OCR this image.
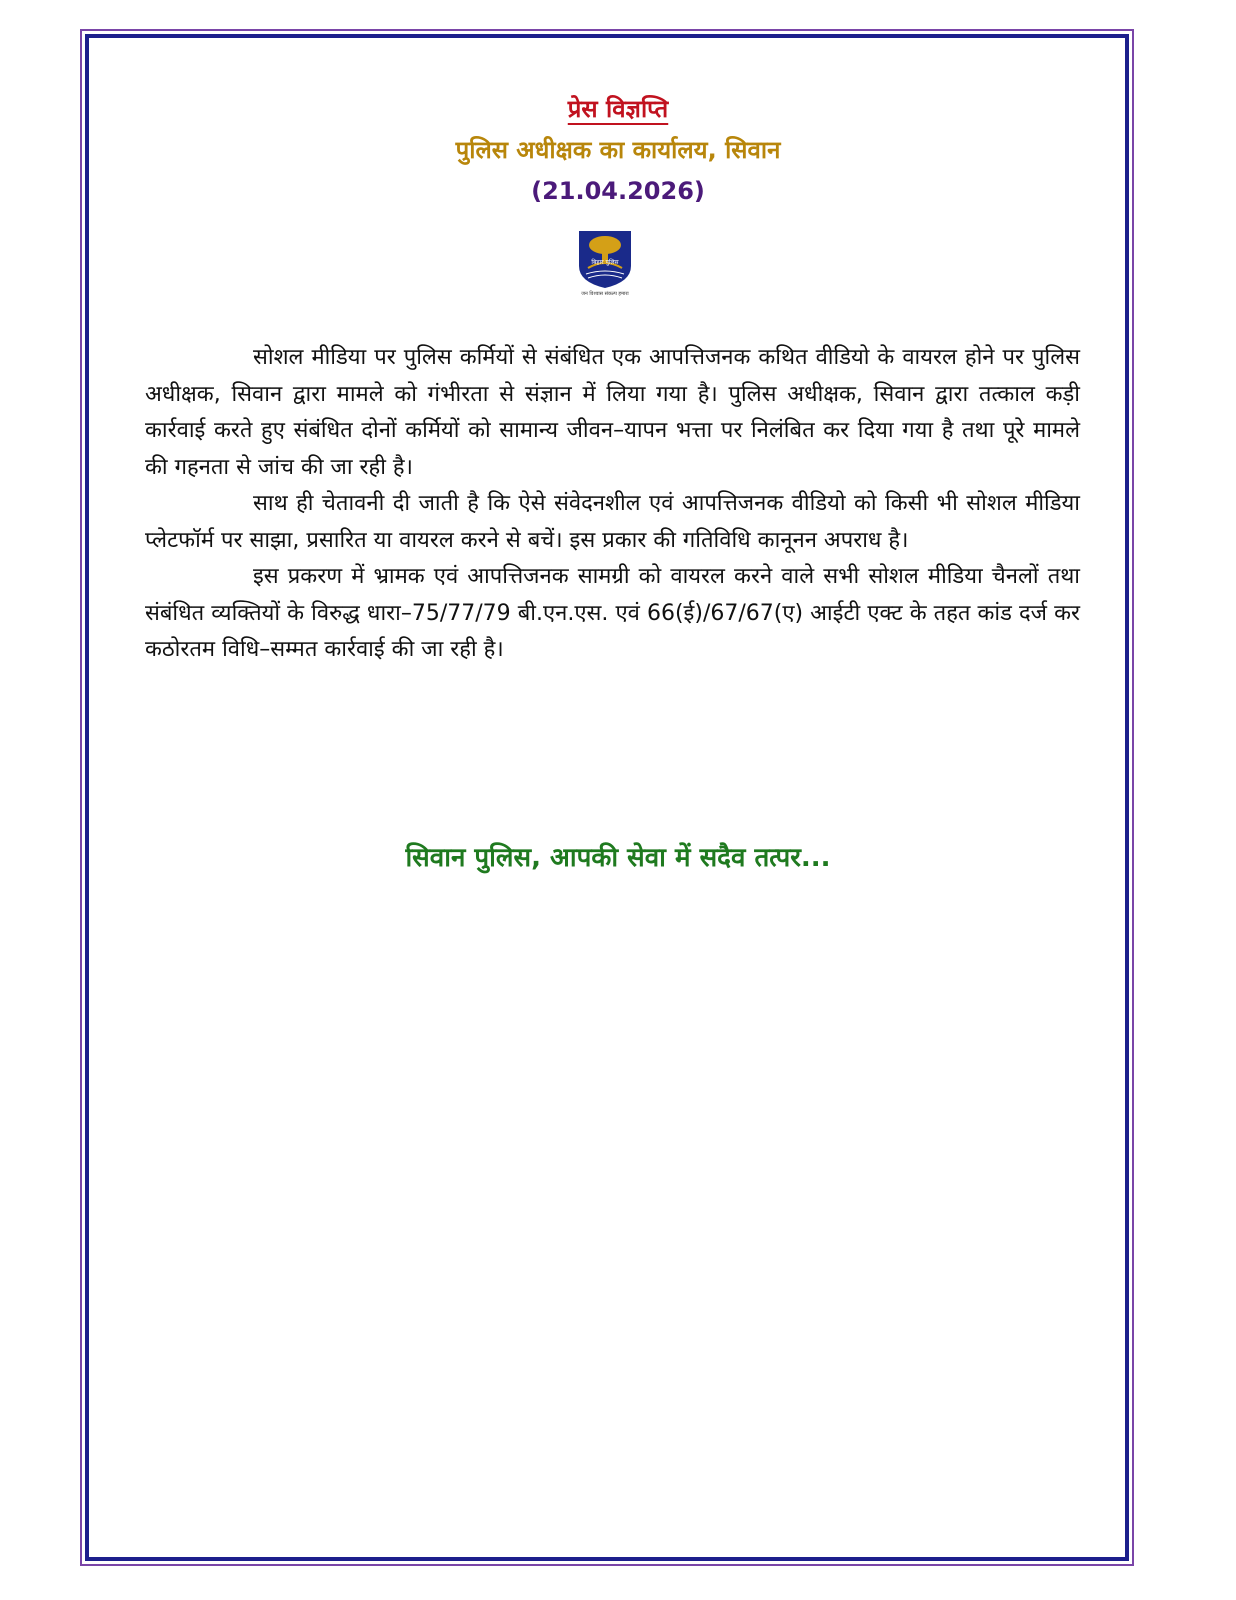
प्रेस विज्ञप्ति
पुलिस अधीक्षक का कार्यालय, सिवान
(21.04.2026)
बिहार पुलिस
जन विश्वास संकल्प हमारा

सोशल मीडिया पर पुलिस कर्मियों से संबंधित एक आपत्तिजनक कथित वीडियो के वायरल होने पर पुलिस अधीक्षक, सिवान द्वारा मामले को गंभीरता से संज्ञान में लिया गया है। पुलिस अधीक्षक, सिवान द्वारा तत्काल कड़ी कार्रवाई करते हुए संबंधित दोनों कर्मियों को सामान्य जीवन–यापन भत्ता पर निलंबित कर दिया गया है तथा पूरे मामले की गहनता से जांच की जा रही है।

साथ ही चेतावनी दी जाती है कि ऐसे संवेदनशील एवं आपत्तिजनक वीडियो को किसी भी सोशल मीडिया प्लेटफॉर्म पर साझा, प्रसारित या वायरल करने से बचें। इस प्रकार की गतिविधि कानूनन अपराध है।

इस प्रकरण में भ्रामक एवं आपत्तिजनक सामग्री को वायरल करने वाले सभी सोशल मीडिया चैनलों तथा संबंधित व्यक्तियों के विरुद्ध धारा–75/77/79 बी.एन.एस. एवं 66(ई)/67/67(ए) आईटी एक्ट के तहत कांड दर्ज कर कठोरतम विधि–सम्मत कार्रवाई की जा रही है।

सिवान पुलिस, आपकी सेवा में सदैव तत्पर...
